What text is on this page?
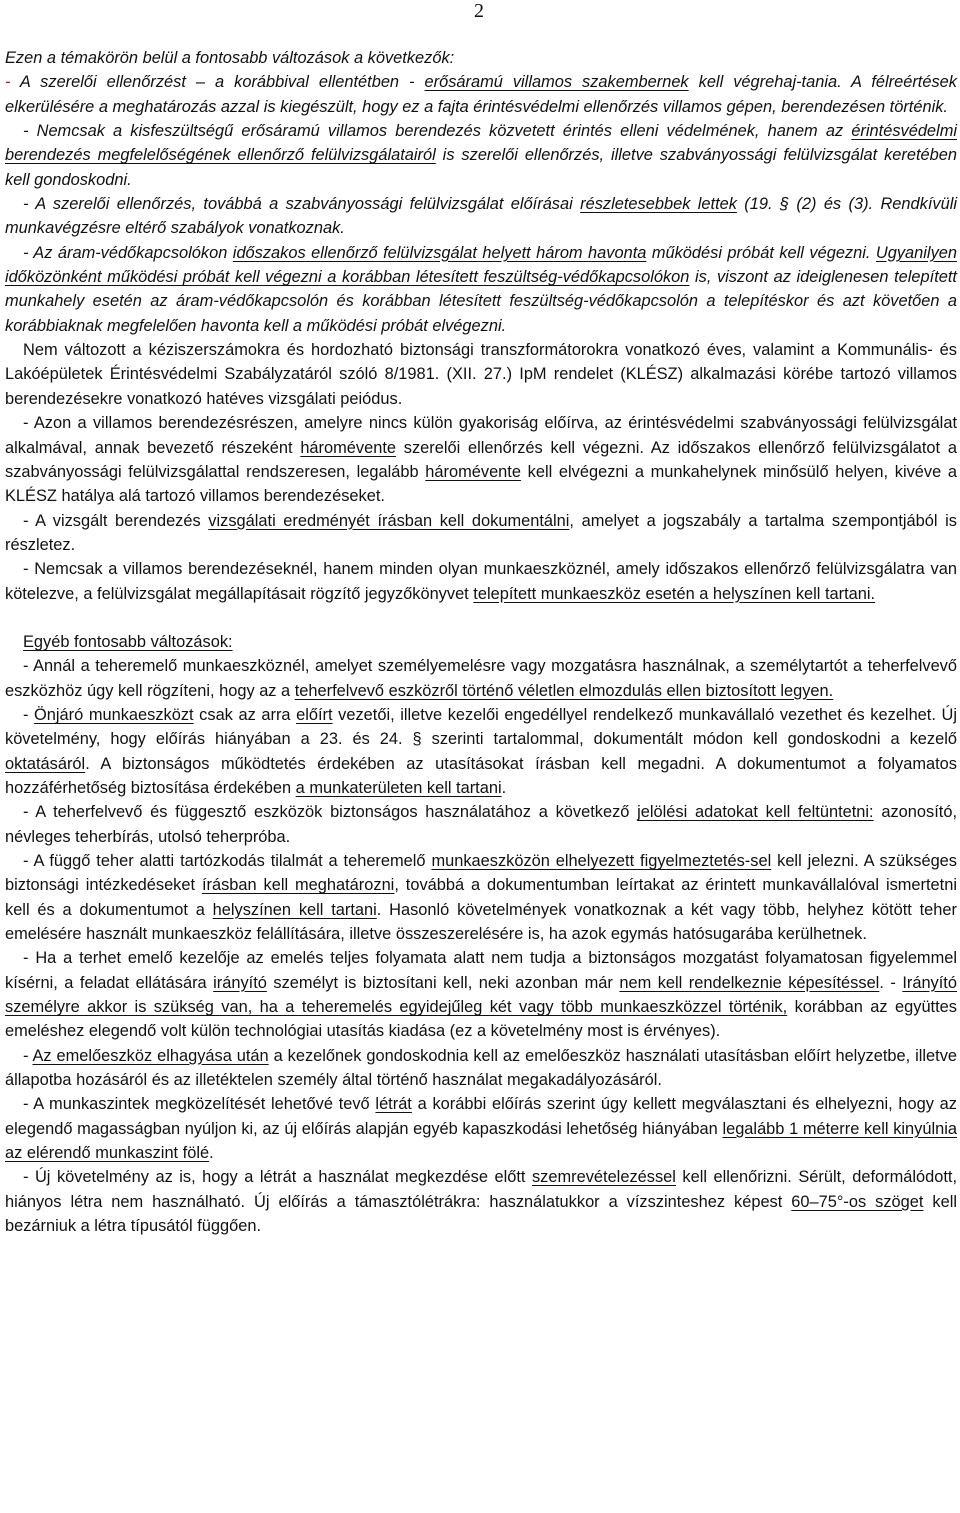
2

Ezen a témakörön belül a fontosabb változások a következők:

- A szerelői ellenőrzést – a korábbival ellentétben - erősáramú villamos szakembernek kell végrehaj-tania. A félreértések elkerülésére a meghatározás azzal is kiegészült, hogy ez a fajta érintésvédelmi ellenőrzés villamos gépen, berendezésen történik.

- Nemcsak a kisfeszültségű erősáramú villamos berendezés közvetett érintés elleni védelmének, hanem az érintésvédelmi berendezés megfelelőségének ellenőrző felülvizsgálatairól is szerelői ellenőrzés, illetve szabványossági felülvizsgálat keretében kell gondoskodni.

- A szerelői ellenőrzés, továbbá a szabványossági felülvizsgálat előírásai részletesebbek lettek (19. § (2) és (3). Rendkívüli munkavégzésre eltérő szabályok vonatkoznak.

- Az áram-védőkapcsolókon időszakos ellenőrző felülvizsgálat helyett három havonta működési próbát kell végezni. Ugyanilyen időközönként működési próbát kell végezni a korábban létesített feszültség-védőkapcsolókon is, viszont az ideiglenesen telepített munkahely esetén az áram-védőkapcsolón és korábban létesített feszültség-védőkapcsolón a telepítéskor és azt követően a korábbiaknak megfelelően havonta kell a működési próbát elvégezni.

Nem változott a kéziszerszámokra és hordozható biztonsági transzformátorokra vonatkozó éves, valamint a Kommunális- és Lakóépületek Érintésvédelmi Szabályzatáról szóló 8/1981. (XII. 27.) IpM rendelet (KLÉSZ) alkalmazási körébe tartozó villamos berendezésekre vonatkozó hatéves vizsgálati peiódus.

- Azon a villamos berendezésrészen, amelyre nincs külön gyakoriság előírva, az érintésvédelmi szabványossági felülvizsgálat alkalmával, annak bevezető részeként háromévente szerelői ellenőrzés kell végezni. Az időszakos ellenőrző felülvizsgálatot a szabványossági felülvizsgálattal rendszeresen, legalább háromévente kell elvégezni a munkahelynek minősülő helyen, kivéve a KLÉSZ hatálya alá tartozó villamos berendezéseket.

- A vizsgált berendezés vizsgálati eredményét írásban kell dokumentálni, amelyet a jogszabály a tartalma szempontjából is részletez.

- Nemcsak a villamos berendezéseknél, hanem minden olyan munkaeszköznél, amely időszakos ellenőrző felülvizsgálatra van kötelezve, a felülvizsgálat megállapításait rögzítő jegyzőkönyvet telepített munkaeszköz esetén a helyszínen kell tartani.

Egyéb fontosabb változások:

- Annál a teheremelő munkaeszköznél, amelyet személyemelésre vagy mozgatásra használnak, a személytartót a teherfelvevő eszközhöz úgy kell rögzíteni, hogy az a teherfelvevő eszközről történő véletlen elmozdulás ellen biztosított legyen.

- Önjáró munkaeszközt csak az arra előírt vezetői, illetve kezelői engedéllyel rendelkező munkavállaló vezethet és kezelhet. Új követelmény, hogy előírás hiányában a 23. és 24. § szerinti tartalommal, dokumentált módon kell gondoskodni a kezelő oktatásáról. A biztonságos működtetés érdekében az utasításokat írásban kell megadni. A dokumentumot a folyamatos hozzáférhetőség biztosítása érdekében a munkaterületen kell tartani.

- A teherfelvevő és függesztő eszközök biztonságos használatához a következő jelölési adatokat kell feltüntetni: azonosító, névleges teherbírás, utolsó teherpróba.

- A függő teher alatti tartózkodás tilalmát a teheremelő munkaeszközön elhelyezett figyelmeztetés-sel kell jelezni. A szükséges biztonsági intézkedéseket írásban kell meghatározni, továbbá a dokumentumban leírtakat az érintett munkavállalóval ismertetni kell és a dokumentumot a helyszínen kell tartani. Hasonló követelmények vonatkoznak a két vagy több, helyhez kötött teher emelésére használt munkaeszköz felállítására, illetve összeszerelésére is, ha azok egymás hatósugarába kerülhetnek.

- Ha a terhet emelő kezelője az emelés teljes folyamata alatt nem tudja a biztonságos mozgatást folyamatosan figyelemmel kísérni, a feladat ellátására irányító személyt is biztosítani kell, neki azonban már nem kell rendelkeznie képesítéssel. - Irányító személyre akkor is szükség van, ha a teheremelés egyidejűleg két vagy több munkaeszközzel történik, korábban az együttes emeléshez elegendő volt külön technológiai utasítás kiadása (ez a követelmény most is érvényes).

- Az emelőeszköz elhagyása után a kezelőnek gondoskodnia kell az emelőeszköz használati utasításban előírt helyzetbe, illetve állapotba hozásáról és az illetéktelen személy által történő használat megakadályozásáról.

- A munkaszintek megközelítését lehetővé tevő létrát a korábbi előírás szerint úgy kellett megválasztani és elhelyezni, hogy az elegendő magasságban nyúljon ki, az új előírás alapján egyéb kapaszkodási lehetőség hiányában legalább 1 méterre kell kinyúlnia az elérendő munkaszint fölé.

- Új követelmény az is, hogy a létrát a használat megkezdése előtt szemrevételezéssel kell ellenőrizni. Sérült, deformálódott, hiányos létra nem használható. Új előírás a támasztólétrákra: használatukkor a vízszinteshez képest 60–75°-os szöget kell bezárniuk a létra típusától függően.
